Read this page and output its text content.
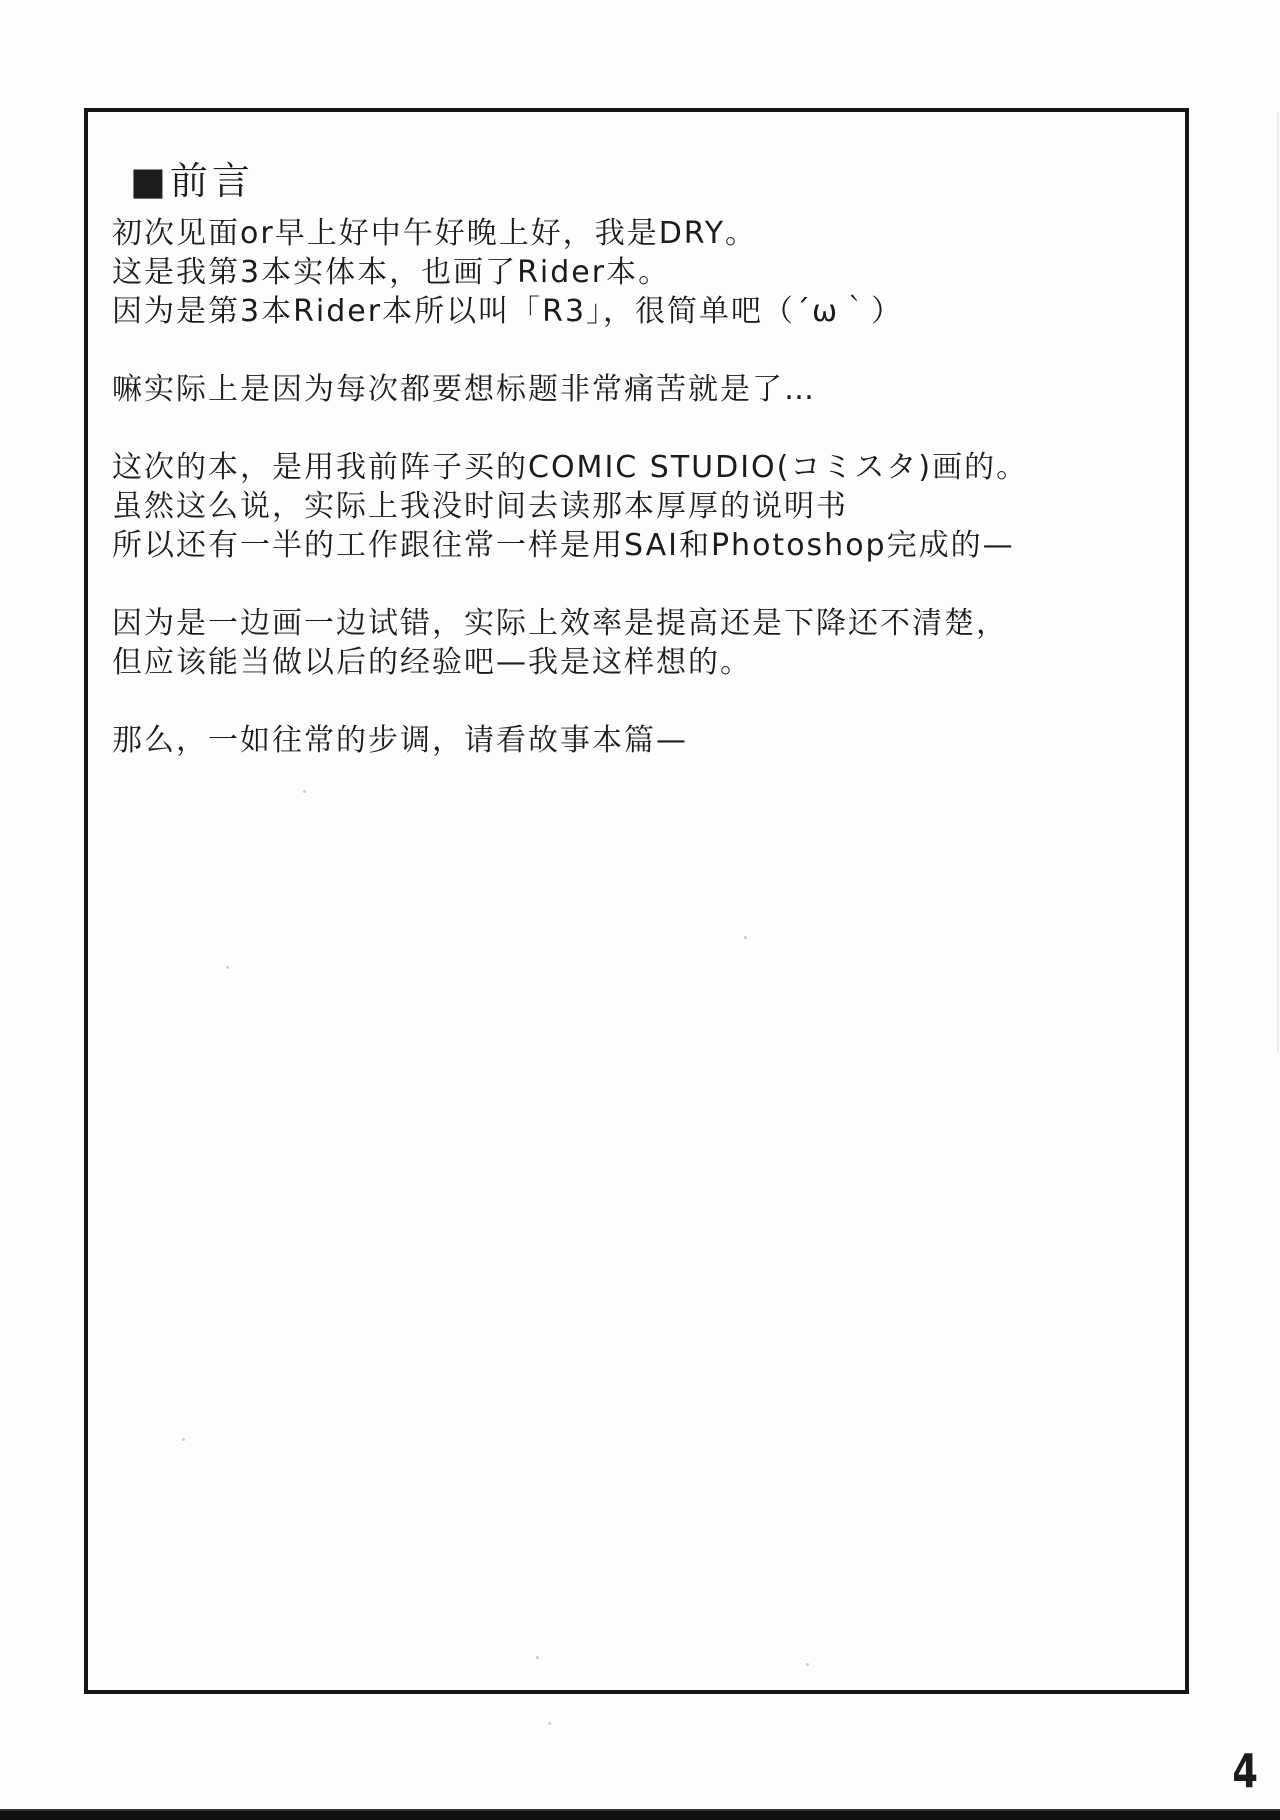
■前言

初次见面or早上好中午好晚上好，我是DRY。
这是我第3本实体本，也画了Rider本。
因为是第3本Rider本所以叫「R3」，很简单吧（´ω｀）

嘛实际上是因为每次都要想标题非常痛苦就是了…

这次的本，是用我前阵子买的COMIC STUDIO(コミスタ)画的。
虽然这么说，实际上我没时间去读那本厚厚的说明书
所以还有一半的工作跟往常一样是用SAI和Photoshop完成的—

因为是一边画一边试错，实际上效率是提高还是下降还不清楚，
但应该能当做以后的经验吧—我是这样想的。

那么，一如往常的步调，请看故事本篇—

4
